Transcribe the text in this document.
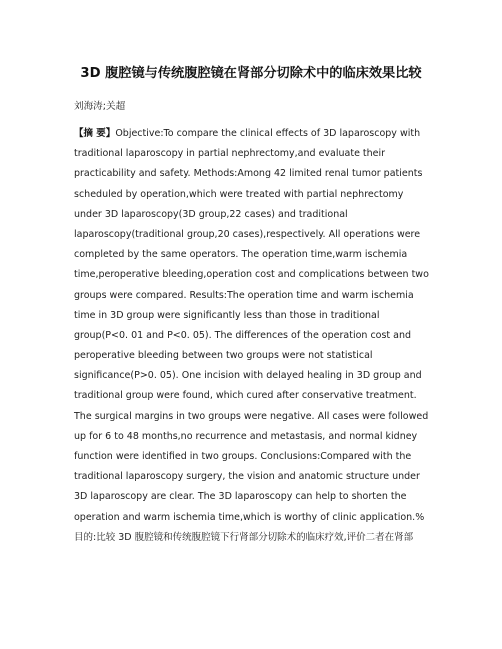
3D 腹腔镜与传统腹腔镜在肾部分切除术中的临床效果比较
刘海涛;关超
【摘 要】Objective:To compare the clinical effects of 3D laparoscopy with
traditional laparoscopy in partial nephrectomy,and evaluate their
practicability and safety. Methods:Among 42 limited renal tumor patients
scheduled by operation,which were treated with partial nephrectomy
under 3D laparoscopy(3D group,22 cases) and traditional
laparoscopy(traditional group,20 cases),respectively. All operations were
completed by the same operators. The operation time,warm ischemia
time,peroperative bleeding,operation cost and complications between two
groups were compared. Results:The operation time and warm ischemia
time in 3D group were significantly less than those in traditional
group(P<0. 01 and P<0. 05). The differences of the operation cost and
peroperative bleeding between two groups were not statistical
significance(P>0. 05). One incision with delayed healing in 3D group and
traditional group were found, which cured after conservative treatment.
The surgical margins in two groups were negative. All cases were followed
up for 6 to 48 months,no recurrence and metastasis, and normal kidney
function were identified in two groups. Conclusions:Compared with the
traditional laparoscopy surgery, the vision and anatomic structure under
3D laparoscopy are clear. The 3D laparoscopy can help to shorten the
operation and warm ischemia time,which is worthy of clinic application.%
目的:比较 3D 腹腔镜和传统腹腔镜下行肾部分切除术的临床疗效,评价二者在肾部
